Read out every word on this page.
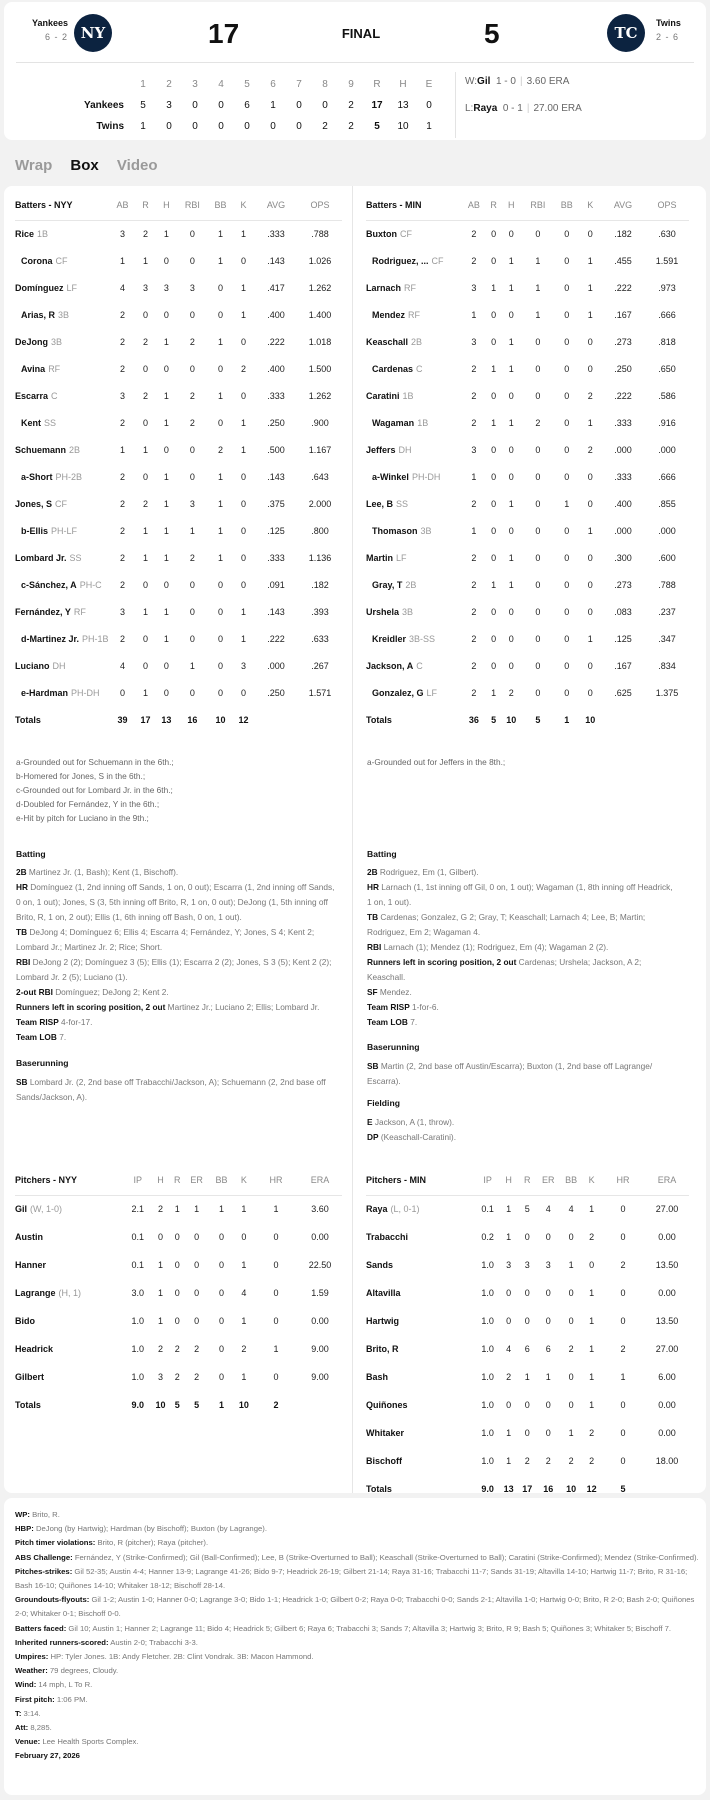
Yankees
6 - 2 NY	17	FINAL	5	TC
Twins
2 - 6
	1	2	3	4	5	6	7	8	9	R	H	E
Yankees	5	3	0	0	6	1	0	0	2	17	13	0
Twins	1	0	0	0	0	0	0	2	2	5	10	1
W:Gil 1 - 0 | 3.60 ERA
L:Raya 0 - 1 | 27.00 ERA
Wrap Box Video
Batters - NYY	AB	R	H	RBI	BB	K	AVG	OPS
Rice 1B	3	2	1	0	1	1	.333	.788
Corona CF	1	1	0	0	1	0	.143	1.026
Domínguez LF	4	3	3	3	0	1	.417	1.262
Arias, R 3B	2	0	0	0	0	1	.400	1.400
DeJong 3B	2	2	1	2	1	0	.222	1.018
Avina RF	2	0	0	0	0	2	.400	1.500
Escarra C	3	2	1	2	1	0	.333	1.262
Kent SS	2	0	1	2	0	1	.250	.900
Schuemann 2B	1	1	0	0	2	1	.500	1.167
a-Short PH-2B	2	0	1	0	1	0	.143	.643
Jones, S CF	2	2	1	3	1	0	.375	2.000
b-Ellis PH-LF	2	1	1	1	1	0	.125	.800
Lombard Jr. SS	2	1	1	2	1	0	.333	1.136
c-Sánchez, A PH-C	2	0	0	0	0	0	.091	.182
Fernández, Y RF	3	1	1	0	0	1	.143	.393
d-Martinez Jr. PH-1B	2	0	1	0	0	1	.222	.633
Luciano DH	4	0	0	1	0	3	.000	.267
e-Hardman PH-DH	0	1	0	0	0	0	.250	1.571
Totals	39	17	13	16	10	12		
Batters - MIN	AB	R	H	RBI	BB	K	AVG	OPS
Buxton CF	2	0	0	0	0	0	.182	.630
Rodriguez, ... CF	2	0	1	1	0	1	.455	1.591
Larnach RF	3	1	1	1	0	1	.222	.973
Mendez RF	1	0	0	1	0	1	.167	.666
Keaschall 2B	3	0	1	0	0	0	.273	.818
Cardenas C	2	1	1	0	0	0	.250	.650
Caratini 1B	2	0	0	0	0	2	.222	.586
Wagaman 1B	2	1	1	2	0	1	.333	.916
Jeffers DH	3	0	0	0	0	2	.000	.000
a-Winkel PH-DH	1	0	0	0	0	0	.333	.666
Lee, B SS	2	0	1	0	1	0	.400	.855
Thomason 3B	1	0	0	0	0	1	.000	.000
Martin LF	2	0	1	0	0	0	.300	.600
Gray, T 2B	2	1	1	0	0	0	.273	.788
Urshela 3B	2	0	0	0	0	0	.083	.237
Kreidler 3B-SS	2	0	0	0	0	1	.125	.347
Jackson, A C	2	0	0	0	0	0	.167	.834
Gonzalez, G LF	2	1	2	0	0	0	.625	1.375
Totals	36	5	10	5	1	10		
a-Grounded out for Schuemann in the 6th.;
b-Homered for Jones, S in the 6th.;
c-Grounded out for Lombard Jr. in the 6th.;
d-Doubled for Fernández, Y in the 6th.;
e-Hit by pitch for Luciano in the 9th.;
a-Grounded out for Jeffers in the 8th.;
Batting

2B Martinez Jr. (1, Bash); Kent (1, Bischoff).

HR Domínguez (1, 2nd inning off Sands, 1 on, 0 out); Escarra (1, 2nd inning off Sands, 0 on, 1 out); Jones, S (3, 5th inning off Brito, R, 1 on, 0 out); DeJong (1, 5th inning off Brito, R, 1 on, 2 out); Ellis (1, 6th inning off Bash, 0 on, 1 out).

TB DeJong 4; Domínguez 6; Ellis 4; Escarra 4; Fernández, Y; Jones, S 4; Kent 2; Lombard Jr.; Martinez Jr. 2; Rice; Short.

RBI DeJong 2 (2); Domínguez 3 (5); Ellis (1); Escarra 2 (2); Jones, S 3 (5); Kent 2 (2); Lombard Jr. 2 (5); Luciano (1).

2-out RBI Domínguez; DeJong 2; Kent 2.

Runners left in scoring position, 2 out Martinez Jr.; Luciano 2; Ellis; Lombard Jr.

Team RISP 4-for-17.

Team LOB 7.

Baserunning

SB Lombard Jr. (2, 2nd base off Trabacchi/Jackson, A); Schuemann (2, 2nd base off Sands/Jackson, A).

Batting

2B Rodriguez, Em (1, Gilbert).

HR Larnach (1, 1st inning off Gil, 0 on, 1 out); Wagaman (1, 8th inning off Headrick, 1 on, 1 out).

TB Cardenas; Gonzalez, G 2; Gray, T; Keaschall; Larnach 4; Lee, B; Martin; Rodriguez, Em 2; Wagaman 4.

RBI Larnach (1); Mendez (1); Rodriguez, Em (4); Wagaman 2 (2).

Runners left in scoring position, 2 out Cardenas; Urshela; Jackson, A 2; Keaschall.

SF Mendez.

Team RISP 1-for-6.

Team LOB 7.

Baserunning

SB Martin (2, 2nd base off Austin/Escarra); Buxton (1, 2nd base off Lagrange/ Escarra).

Fielding

E Jackson, A (1, throw).

DP (Keaschall-Caratini).

Pitchers - NYY	IP	H	R	ER	BB	K	HR	ERA
Gil (W, 1-0)	2.1	2	1	1	1	1	1	3.60
Austin	0.1	0	0	0	0	0	0	0.00
Hanner	0.1	1	0	0	0	1	0	22.50
Lagrange (H, 1)	3.0	1	0	0	0	4	0	1.59
Bido	1.0	1	0	0	0	1	0	0.00
Headrick	1.0	2	2	2	0	2	1	9.00
Gilbert	1.0	3	2	2	0	1	0	9.00
Totals	9.0	10	5	5	1	10	2	
Pitchers - MIN	IP	H	R	ER	BB	K	HR	ERA
Raya (L, 0-1)	0.1	1	5	4	4	1	0	27.00
Trabacchi	0.2	1	0	0	0	2	0	0.00
Sands	1.0	3	3	3	1	0	2	13.50
Altavilla	1.0	0	0	0	0	1	0	0.00
Hartwig	1.0	0	0	0	0	1	0	13.50
Brito, R	1.0	4	6	6	2	1	2	27.00
Bash	1.0	2	1	1	0	1	1	6.00
Quiñones	1.0	0	0	0	0	1	0	0.00
Whitaker	1.0	1	0	0	1	2	0	0.00
Bischoff	1.0	1	2	2	2	2	0	18.00
Totals	9.0	13	17	16	10	12	5	

WP: Brito, R.

HBP: DeJong (by Hartwig); Hardman (by Bischoff); Buxton (by Lagrange).

Pitch timer violations: Brito, R (pitcher); Raya (pitcher).

ABS Challenge: Fernández, Y (Strike-Confirmed); Gil (Ball-Confirmed); Lee, B (Strike-Overturned to Ball); Keaschall (Strike-Overturned to Ball); Caratini (Strike-Confirmed); Mendez (Strike-Confirmed).

Pitches-strikes: Gil 52-35; Austin 4-4; Hanner 13-9; Lagrange 41-26; Bido 9-7; Headrick 26-19; Gilbert 21-14; Raya 31-16; Trabacchi 11-7; Sands 31-19; Altavilla 14-10; Hartwig 11-7; Brito, R 31-16; Bash 16-10; Quiñones 14-10; Whitaker 18-12; Bischoff 28-14.

Groundouts-flyouts: Gil 1-2; Austin 1-0; Hanner 0-0; Lagrange 3-0; Bido 1-1; Headrick 1-0; Gilbert 0-2; Raya 0-0; Trabacchi 0-0; Sands 2-1; Altavilla 1-0; Hartwig 0-0; Brito, R 2-0; Bash 2-0; Quiñones 2-0; Whitaker 0-1; Bischoff 0-0.

Batters faced: Gil 10; Austin 1; Hanner 2; Lagrange 11; Bido 4; Headrick 5; Gilbert 6; Raya 6; Trabacchi 3; Sands 7; Altavilla 3; Hartwig 3; Brito, R 9; Bash 5; Quiñones 3; Whitaker 5; Bischoff 7.

Inherited runners-scored: Austin 2-0; Trabacchi 3-3.

Umpires: HP: Tyler Jones. 1B: Andy Fletcher. 2B: Clint Vondrak. 3B: Macon Hammond.

Weather: 79 degrees, Cloudy.

Wind: 14 mph, L To R.

First pitch: 1:06 PM.

T: 3:14.

Att: 8,285.

Venue: Lee Health Sports Complex.

February 27, 2026
